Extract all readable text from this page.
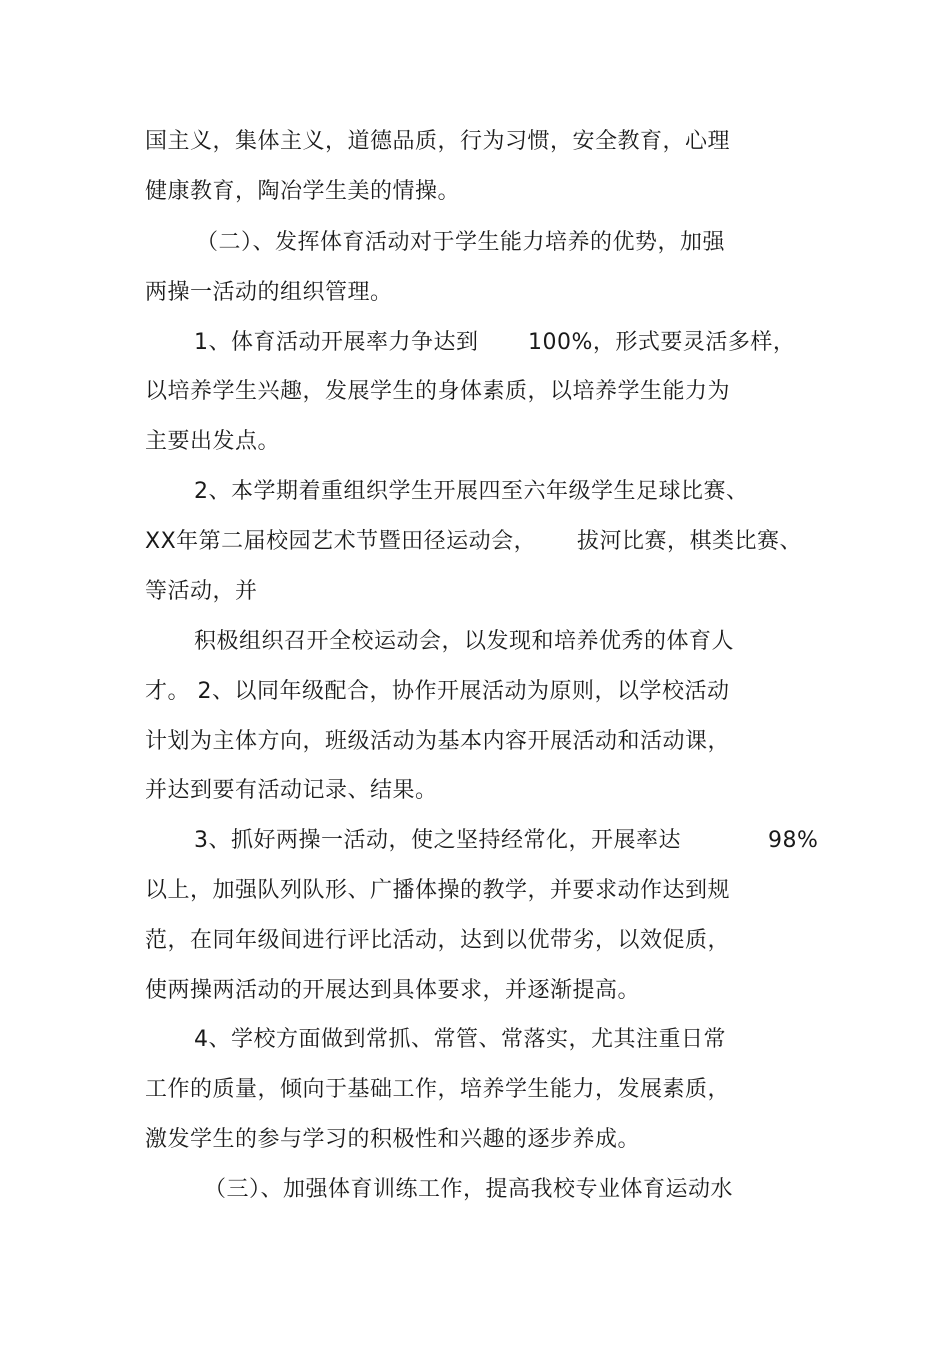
国主义，集体主义，道德品质，行为习惯，安全教育，心理
健康教育，陶冶学生美的情操。
（二）、发挥体育活动对于学生能力培养的优势，加强
两操一活动的组织管理。
1、体育活动开展率力争达到 100%，形式要灵活多样，
以培养学生兴趣，发展学生的身体素质，以培养学生能力为
主要出发点。
2、本学期着重组织学生开展四至六年级学生足球比赛、
XX年第二届校园艺术节暨田径运动会， 拔河比赛，棋类比赛、
等活动，并
积极组织召开全校运动会，以发现和培养优秀的体育人
才。 2、以同年级配合，协作开展活动为原则，以学校活动
计划为主体方向，班级活动为基本内容开展活动和活动课，
并达到要有活动记录、结果。
3、抓好两操一活动，使之坚持经常化，开展率达	98%
以上，加强队列队形、广播体操的教学，并要求动作达到规
范，在同年级间进行评比活动，达到以优带劣，以效促质，
使两操两活动的开展达到具体要求，并逐渐提高。
4、学校方面做到常抓、常管、常落实，尤其注重日常
工作的质量，倾向于基础工作，培养学生能力，发展素质，
激发学生的参与学习的积极性和兴趣的逐步养成。
（三）、加强体育训练工作，提高我校专业体育运动水
